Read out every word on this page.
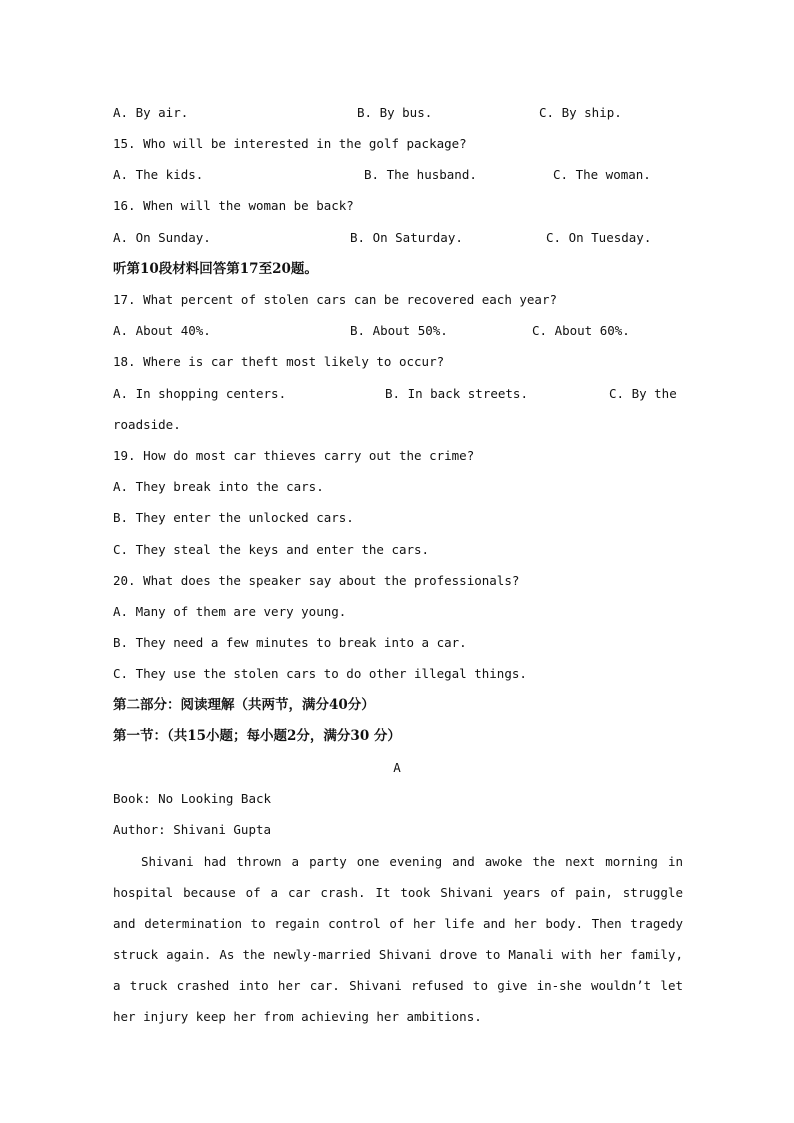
A. By air.	B. By bus.	C. By ship.
15. Who will be interested in the golf package?
A. The kids.	B. The husband.	C. The woman.
16. When will the woman be back?
A. On Sunday.	B. On Saturday.	C. On Tuesday.
听第10段材料回答第17至20题。
17. What percent of stolen cars can be recovered each year?
A. About 40%.	B. About 50%.	C. About 60%.
18. Where is car theft most likely to occur?
A. In shopping centers.	B. In back streets.	C. By the
roadside.
19. How do most car thieves carry out the crime?
A. They break into the cars.
B. They enter the unlocked cars.
C. They steal the keys and enter the cars.
20. What does the speaker say about the professionals?
A. Many of them are very young.
B. They need a few minutes to break into a car.
C. They use the stolen cars to do other illegal things.
第二部分：阅读理解（共两节，满分40分）
第一节：（共15小题；每小题2分，满分30 分）
A
Book: No Looking Back
Author: Shivani Gupta
Shivani had thrown a party one evening and awoke the next morning in hospital because of a car crash. It took Shivani years of pain, struggle and determination to regain control of her life and her body. Then tragedy struck again. As the newly-married Shivani drove to Manali with her family, a truck crashed into her car. Shivani refused to give in-she wouldn’t let her injury keep her from achieving her ambitions.
